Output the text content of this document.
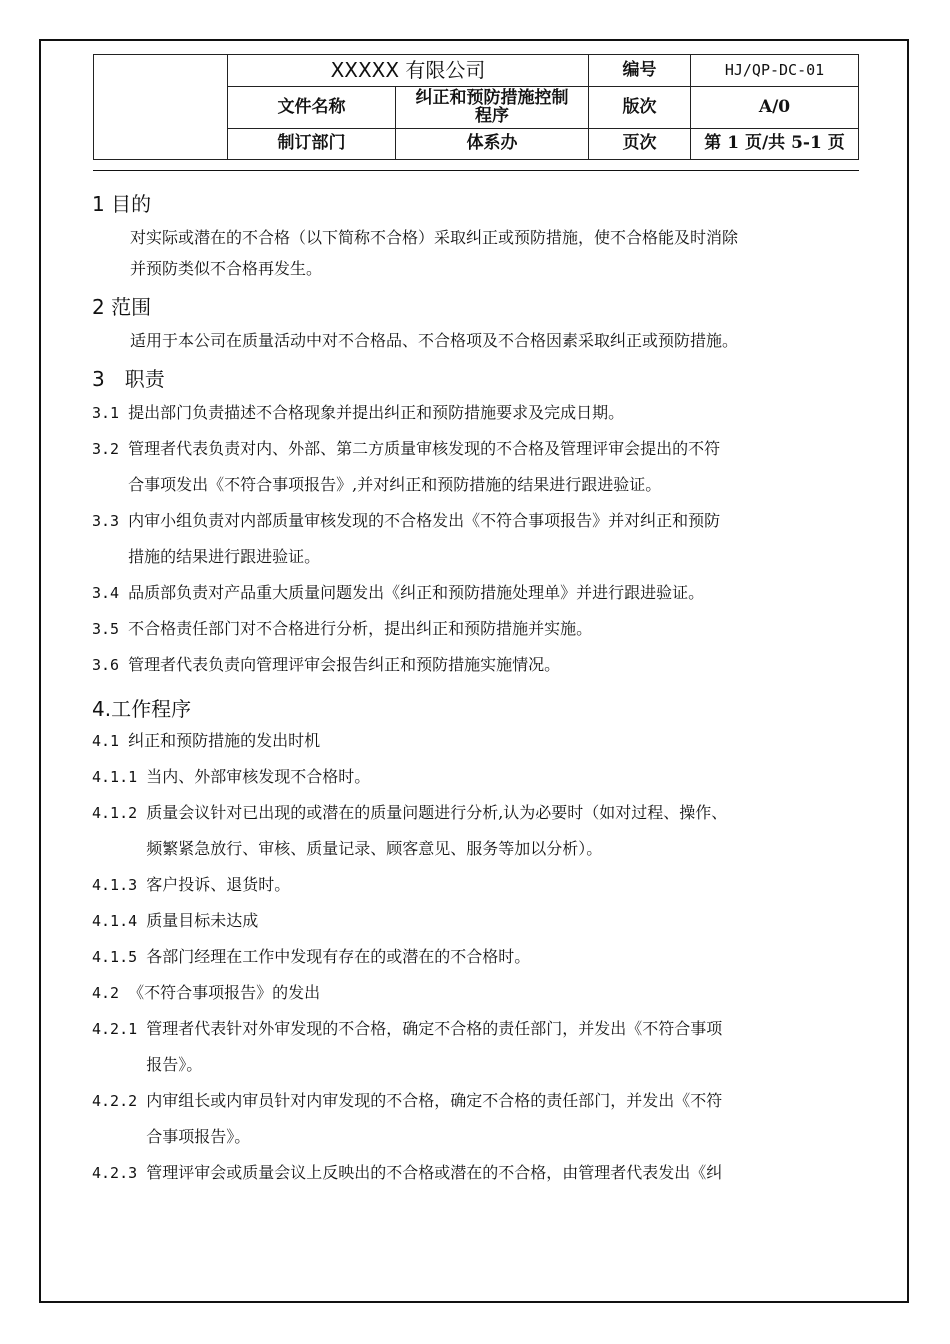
	XXXXX 有限公司		编号	HJ/QP-DC-01
	文件名称	纠正和预防措施控制程序	版次	A/0
	制订部门	体系办	页次	第 1 页/共 5-1 页

1 目的

对实际或潜在的不合格（以下简称不合格）采取纠正或预防措施，使不合格能及时消除

并预防类似不合格再发生。

2 范围

适用于本公司在质量活动中对不合格品、不合格项及不合格因素采取纠正或预防措施。

3　职责

3.1 提出部门负责描述不合格现象并提出纠正和预防措施要求及完成日期。
3.2 管理者代表负责对内、外部、第二方质量审核发现的不合格及管理评审会提出的不符
合事项发出《不符合事项报告》,并对纠正和预防措施的结果进行跟进验证。
3.3 内审小组负责对内部质量审核发现的不合格发出《不符合事项报告》并对纠正和预防
措施的结果进行跟进验证。
3.4 品质部负责对产品重大质量问题发出《纠正和预防措施处理单》并进行跟进验证。
3.5 不合格责任部门对不合格进行分析，提出纠正和预防措施并实施。
3.6 管理者代表负责向管理评审会报告纠正和预防措施实施情况。

4.工作程序

4.1 纠正和预防措施的发出时机
4.1.1 当内、外部审核发现不合格时。
4.1.2 质量会议针对已出现的或潜在的质量问题进行分析,认为必要时（如对过程、操作、
频繁紧急放行、审核、质量记录、顾客意见、服务等加以分析）。
4.1.3 客户投诉、退货时。
4.1.4 质量目标未达成
4.1.5 各部门经理在工作中发现有存在的或潜在的不合格时。
4.2 《不符合事项报告》的发出
4.2.1 管理者代表针对外审发现的不合格，确定不合格的责任部门，并发出《不符合事项
报告》。
4.2.2 内审组长或内审员针对内审发现的不合格，确定不合格的责任部门，并发出《不符
合事项报告》。
4.2.3 管理评审会或质量会议上反映出的不合格或潜在的不合格，由管理者代表发出《纠
